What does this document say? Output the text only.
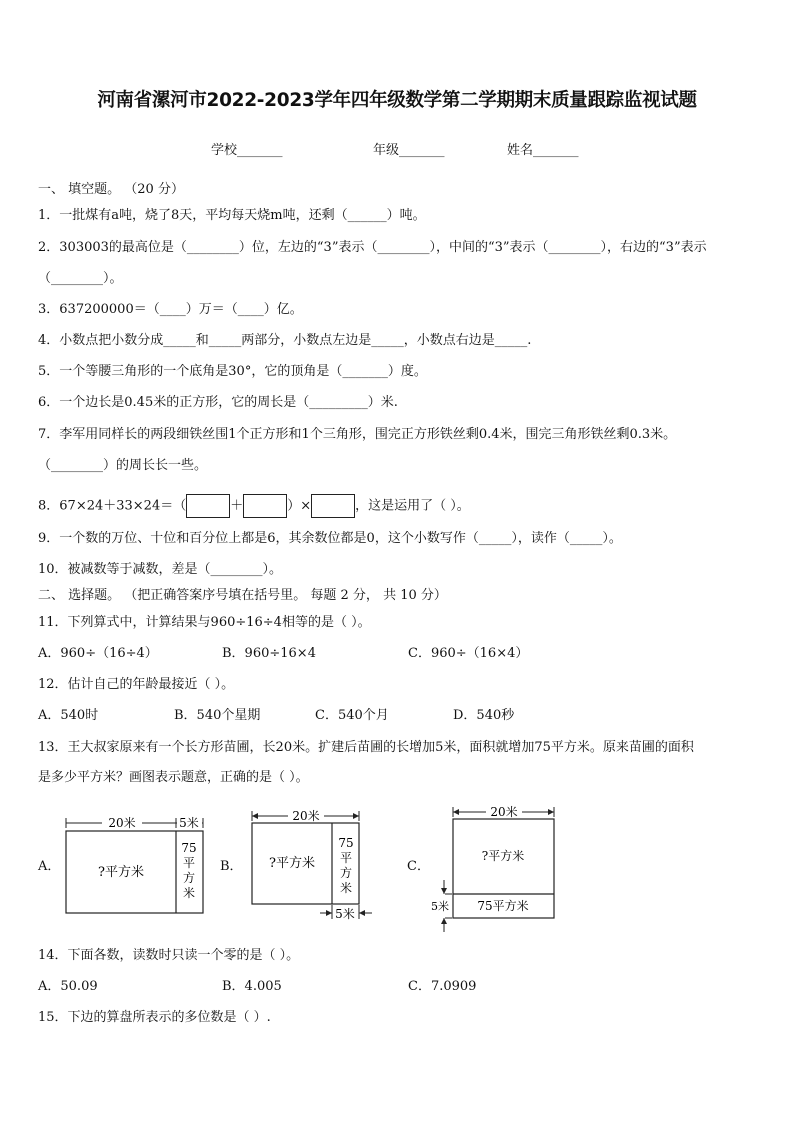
河南省漯河市2022-2023学年四年级数学第二学期期末质量跟踪监视试题
学校_______	年级_______	姓名_______
一、 填空题。 （20 分）
1．一批煤有a吨，烧了8天，平均每天烧m吨，还剩（______）吨。
2．303003的最高位是（________）位，左边的“3”表示（________），中间的“3”表示（________），右边的“3”表示
（________）。
3．637200000＝（____）万＝（____）亿。
4．小数点把小数分成_____和_____两部分，小数点左边是_____，小数点右边是_____.
5．一个等腰三角形的一个底角是30°，它的顶角是（_______）度。
6．一个边长是0.45米的正方形，它的周长是（_________）米.
7．李军用同样长的两段细铁丝围1个正方形和1个三角形，围完正方形铁丝剩0.4米，围完三角形铁丝剩0.3米。
（________）的周长长一些。
8．67×24＋33×24＝（	＋	）×	，这是运用了（ ）。
9．一个数的万位、十位和百分位上都是6，其余数位都是0，这个小数写作（_____），读作（_____）。
10．被减数等于减数，差是（________）。
二、 选择题。 （把正确答案序号填在括号里。 每题 2 分， 共 10 分）
11．下列算式中，计算结果与960÷16÷4相等的是（ ）。
A．960÷（16÷4）	B．960÷16×4	C．960÷（16×4）
12．估计自己的年龄最接近（ ）。
A．540时	B．540个星期	C．540个月	D．540秒
13．王大叔家原来有一个长方形苗圃，长20米。扩建后苗圃的长增加5米，面积就增加75平方米。原来苗圃的面积
是多少平方米？画图表示题意，正确的是（ ）。
A．	B．	C．
20米	5米
?平方米
75
平
方
米
20米
?平方米
75
平
方
米
5米
20米
?平方米
75平方米
5米
14．下面各数，读数时只读一个零的是（ ）。
A．50.09	B．4.005	C．7.0909
15．下边的算盘所表示的多位数是（ ）.
